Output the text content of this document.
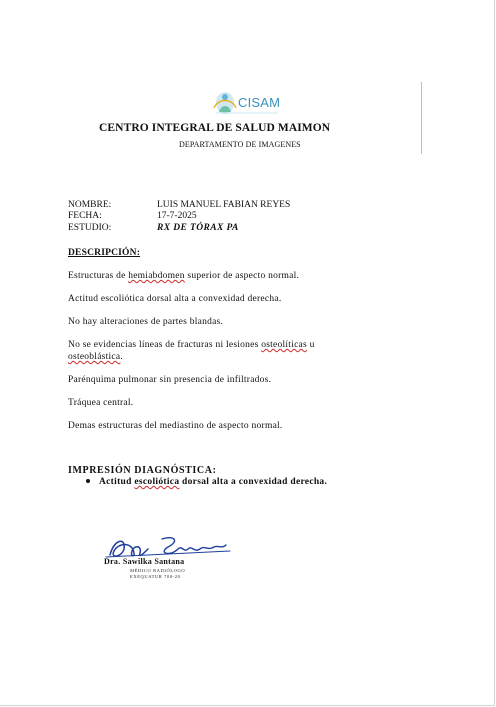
CISAM
CENTRO INTEGRAL DE SALUD MAIMON
DEPARTAMENTO DE IMAGENES
NOMBRE:	LUIS MANUEL FABIAN REYES
FECHA:	17-7-2025
ESTUDIO:	RX DE TÓRAX PA
DESCRIPCIÓN:
Estructuras de hemiabdomen superior de aspecto normal.
Actitud escoliótica dorsal alta a convexidad derecha.
No hay alteraciones de partes blandas.
No se evidencias líneas de fracturas ni lesiones osteolíticas u
osteoblástica.
Parénquima pulmonar sin presencia de infiltrados.
Tráquea central.
Demas estructuras del mediastino de aspecto normal.
IMPRESIÓN DIAGNÓSTICA:
Actitud escoliótica dorsal alta a convexidad derecha.
Dra. Sawilka Santana
MÉDICO RADIÓLOGO
EXEQUATUR 700-20
